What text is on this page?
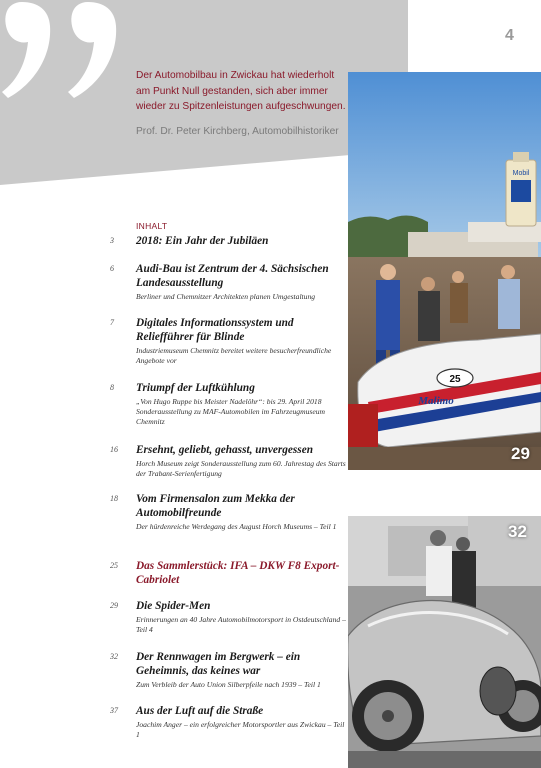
Der Automobilbau in Zwickau hat wiederholt am Punkt Null gestanden, sich aber immer wieder zu Spitzenleistungen aufgeschwungen.
Prof. Dr. Peter Kirchberg, Automobilhistoriker
4
Mobil
25
Malimo
29
32
INHALT
3	2018: Ein Jahr der Jubiläen
6	Audi-Bau ist Zentrum der 4. Sächsischen Landesausstellung
Berliner und Chemnitzer Architekten planen Umgestaltung
7	Digitales Informationssystem und Reliefführer für Blinde
Industriemuseum Chemnitz bereitet weitere besucherfreundliche Angebote vor
8	Triumpf der Luftkühlung
„Von Hugo Ruppe bis Meister Nadelöhr“: bis 29. April 2018 Sonderausstellung zu MAF-Automobilen im Fahrzeugmuseum Chemnitz
16	Ersehnt, geliebt, gehasst, unvergessen
Horch Museum zeigt Sonderausstellung zum 60. Jahrestag des Starts der Trabant-Serienfertigung
18	Vom Firmensalon zum Mekka der Automobilfreunde
Der hürdenreiche Werdegang des August Horch Museums – Teil 1
25	Das Sammlerstück: IFA – DKW F8 Export-Cabriolet
29	Die Spider-Men
Erinnerungen an 40 Jahre Automobilmotorsport in Ostdeutschland – Teil 4
32	Der Rennwagen im Bergwerk – ein Geheimnis, das keines war
Zum Verbleib der Auto Union Silberpfeile nach 1939 – Teil 1
37	Aus der Luft auf die Straße
Joachim Anger – ein erfolgreicher Motorsportler aus Zwickau – Teil 1
